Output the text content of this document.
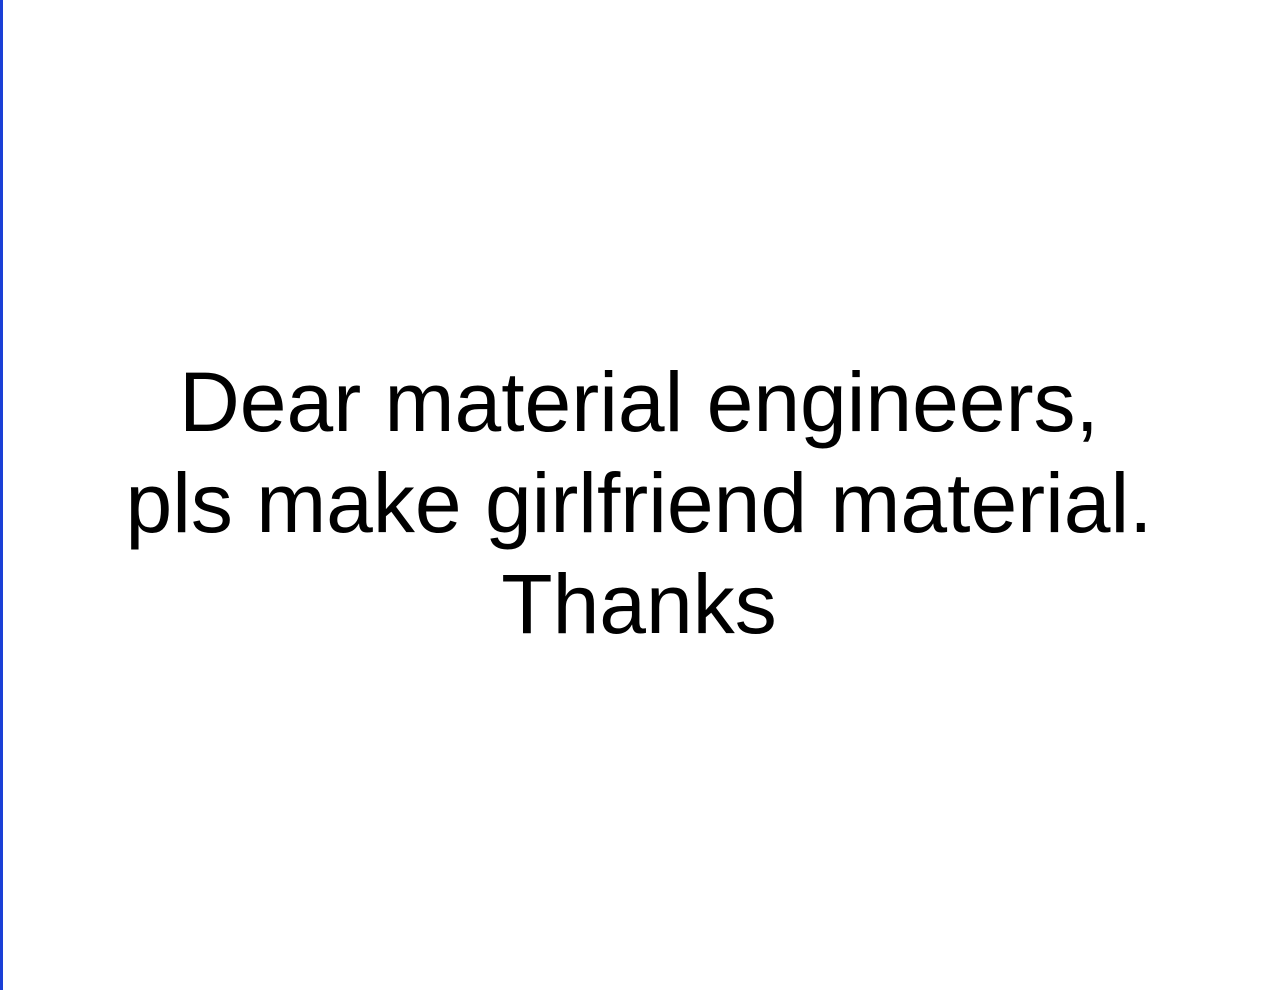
Dear material engineers,
pls make girlfriend material.
Thanks
